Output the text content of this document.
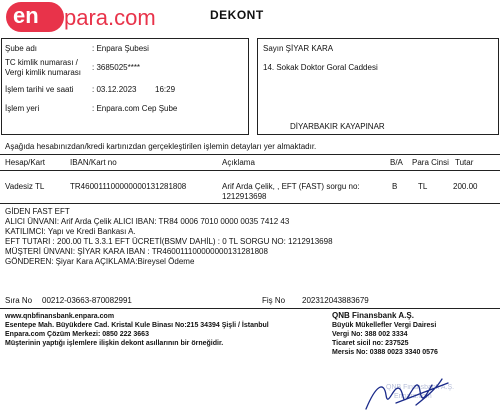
en para.com	DEKONT
Şube adı	: Enpara Şubesi
TC kimlik numarası /
Vergi kimlik numarası
: 3685025****
İşlem tarihi ve saati : 03.12.2023 16:29
İşlem yeri	: Enpara.com Cep Şube
Sayın ŞİYAR KARA
14. Sokak Doktor Goral Caddesi
DİYARBAKIR KAYAPINAR
Aşağıda hesabınızdan/kredi kartınızdan gerçekleştirilen işlemin detayları yer almaktadır.
Hesap/Kart	IBAN/Kart no	Açıklama	B/A Para Cinsi Tutar
Vadesiz TL	TR460011100000000131281808	Arif Arda Çelik, , EFT (FAST) sorgu no:
1212913698
B	TL	200.00
GİDEN FAST EFT
ALICI ÜNVANI: Arif Arda Çelik ALICI IBAN: TR84 0006 7010 0000 0035 7412 43
KATILIMCI: Yapı ve Kredi Bankası A.
EFT TUTARI : 200.00 TL 3.3.1 EFT ÜCRETİ(BSMV DAHİL) : 0 TL SORGU NO: 1212913698
MÜŞTERİ ÜNVANI: ŞİYAR KARA IBAN : TR460011100000000131281808
GÖNDEREN: Şiyar Kara AÇIKLAMA:Bireysel Ödeme
Sıra No 00212-03663-870082991	Fiş No 202312043883679
www.qnbfinansbank.enpara.com
Esentepe Mah. Büyükdere Cad. Kristal Kule Binası No:215 34394 Şişli / İstanbul
Enpara.com Çözüm Merkezi: 0850 222 3663
Müşterinin yaptığı işlemlere ilişkin dekont asıllarının bir örneğidir.
QNB Finansbank A.Ş.
Büyük Mükellefler Vergi Dairesi
Vergi No: 388 002 3334
Ticaret sicil no: 237525
Mersis No: 0388 0023 3340 0576
QNB Finansbank A.Ş.
Enpara.com
